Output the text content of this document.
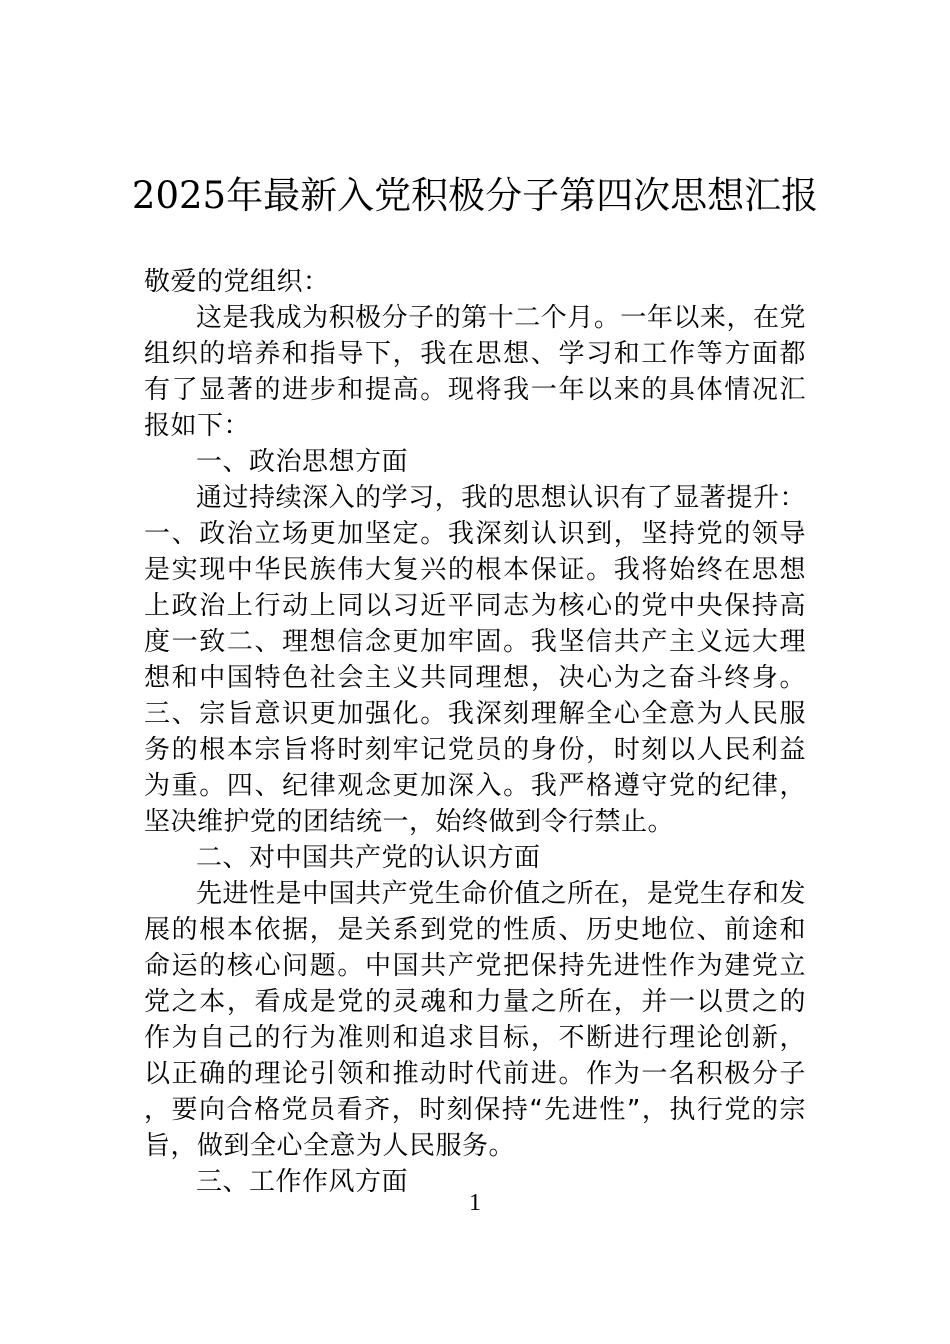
2025年最新入党积极分子第四次思想汇报

敬爱的党组织：

这是我成为积极分子的第十二个月。一年以来，在党组织的培养和指导下，我在思想、学习和工作等方面都有了显著的进步和提高。现将我一年以来的具体情况汇报如下：

一、政治思想方面

通过持续深入的学习，我的思想认识有了显著提升：一、政治立场更加坚定。我深刻认识到，坚持党的领导是实现中华民族伟大复兴的根本保证。我将始终在思想上政治上行动上同以习近平同志为核心的党中央保持高度一致二、理想信念更加牢固。我坚信共产主义远大理想和中国特色社会主义共同理想，决心为之奋斗终身。三、宗旨意识更加强化。我深刻理解全心全意为人民服务的根本宗旨将时刻牢记党员的身份，时刻以人民利益为重。四、纪律观念更加深入。我严格遵守党的纪律，坚决维护党的团结统一，始终做到令行禁止。

二、对中国共产党的认识方面

先进性是中国共产党生命价值之所在，是党生存和发展的根本依据，是关系到党的性质、历史地位、前途和命运的核心问题。中国共产党把保持先进性作为建党立党之本，看成是党的灵魂和力量之所在，并一以贯之的作为自己的行为准则和追求目标，不断进行理论创新，以正确的理论引领和推动时代前进。作为一名积极分子，要向合格党员看齐，时刻保持“先进性”，执行党的宗旨，做到全心全意为人民服务。

三、工作作风方面

1
